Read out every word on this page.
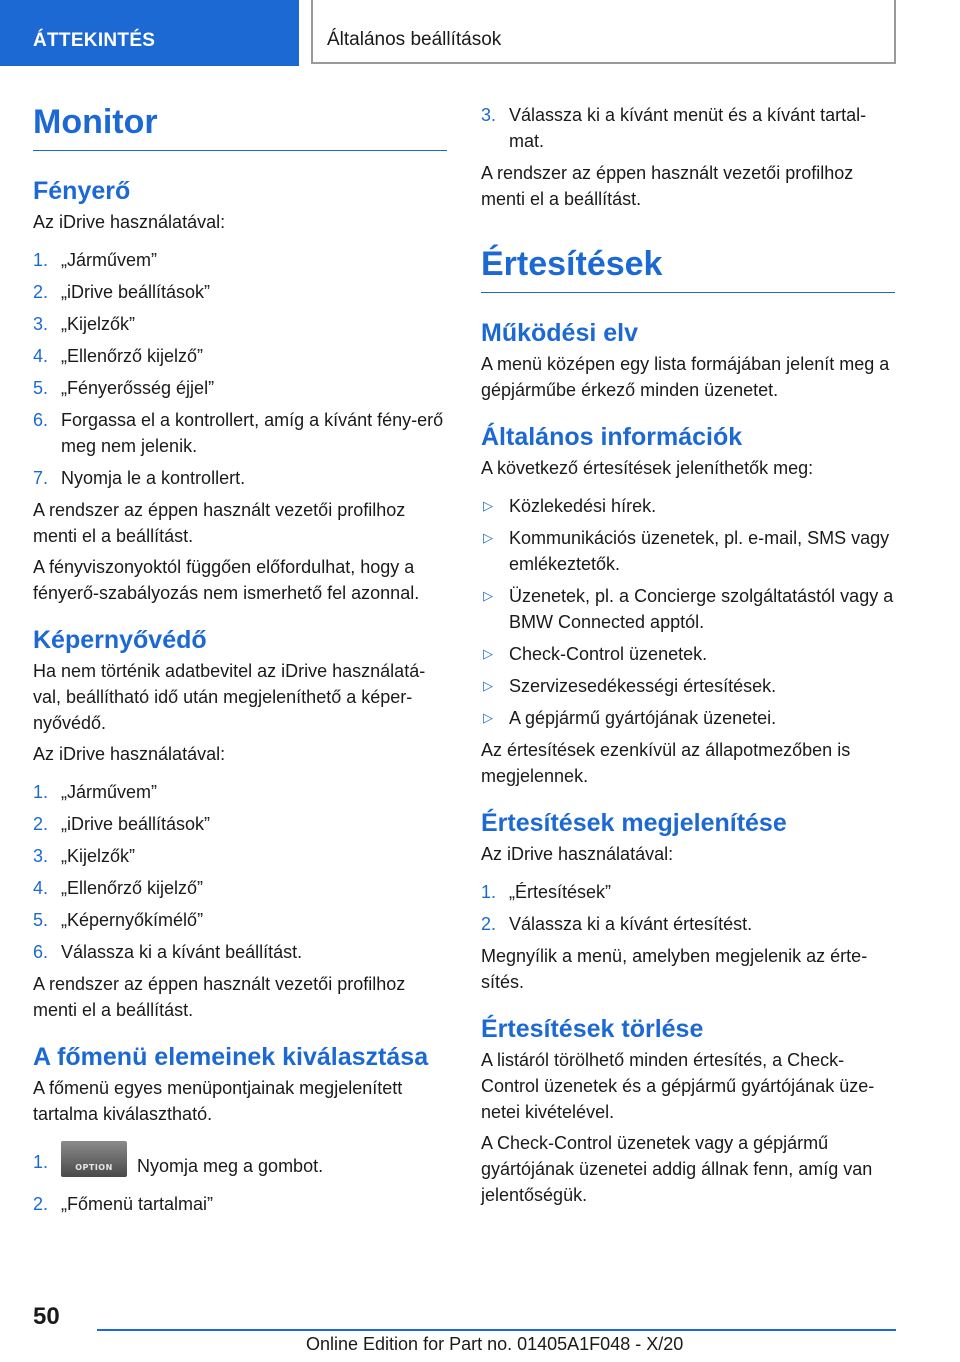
ÁTTEKINTÉS	Általános beállítások
Monitor
Fényerő

Az iDrive használatával:

1. „Járművem”
2. „iDrive beállítások”
3. „Kijelzők”
4. „Ellenőrző kijelző”
5. „Fényerősség éjjel”
6. Forgassa el a kontrollert, amíg a kívánt fény-erő meg nem jelenik.
7. Nyomja le a kontrollert.

A rendszer az éppen használt vezetői profilhoz menti el a beállítást.

A fényviszonyoktól függően előfordulhat, hogy a fényerő-szabályozás nem ismerhető fel azonnal.

Képernyővédő

Ha nem történik adatbevitel az iDrive használatá-val, beállítható idő után megjeleníthető a képer-nyővédő.

Az iDrive használatával:

1. „Járművem”
2. „iDrive beállítások”
3. „Kijelzők”
4. „Ellenőrző kijelző”
5. „Képernyőkímélő”
6. Válassza ki a kívánt beállítást.

A rendszer az éppen használt vezetői profilhoz menti el a beállítást.

A főmenü elemeinek kiválasztása

A főmenü egyes menüpontjainak megjelenített tartalma kiválasztható.

1.	OPTION	Nyomja meg a gombot.
2. „Főmenü tartalmai”
3. Válassza ki a kívánt menüt és a kívánt tartal-mat.

A rendszer az éppen használt vezetői profilhoz menti el a beállítást.

Értesítések
Működési elv

A menü középen egy lista formájában jelenít meg a gépjárműbe érkező minden üzenetet.

Általános információk

A következő értesítések jeleníthetők meg:

▷ Közlekedési hírek.
▷ Kommunikációs üzenetek, pl. e-mail, SMS vagy emlékeztetők.
▷ Üzenetek, pl. a Concierge szolgáltatástól vagy a BMW Connected apptól.
▷ Check-Control üzenetek.
▷ Szervizesedékességi értesítések.
▷ A gépjármű gyártójának üzenetei.

Az értesítések ezenkívül az állapotmezőben is megjelennek.

Értesítések megjelenítése

Az iDrive használatával:

1. „Értesítések”
2. Válassza ki a kívánt értesítést.

Megnyílik a menü, amelyben megjelenik az érte-sítés.

Értesítések törlése

A listáról törölhető minden értesítés, a Check-Control üzenetek és a gépjármű gyártójának üze-netei kivételével.

A Check-Control üzenetek vagy a gépjármű gyártójának üzenetei addig állnak fenn, amíg van jelentőségük.

50
Online Edition for Part no. 01405A1F048 - X/20
